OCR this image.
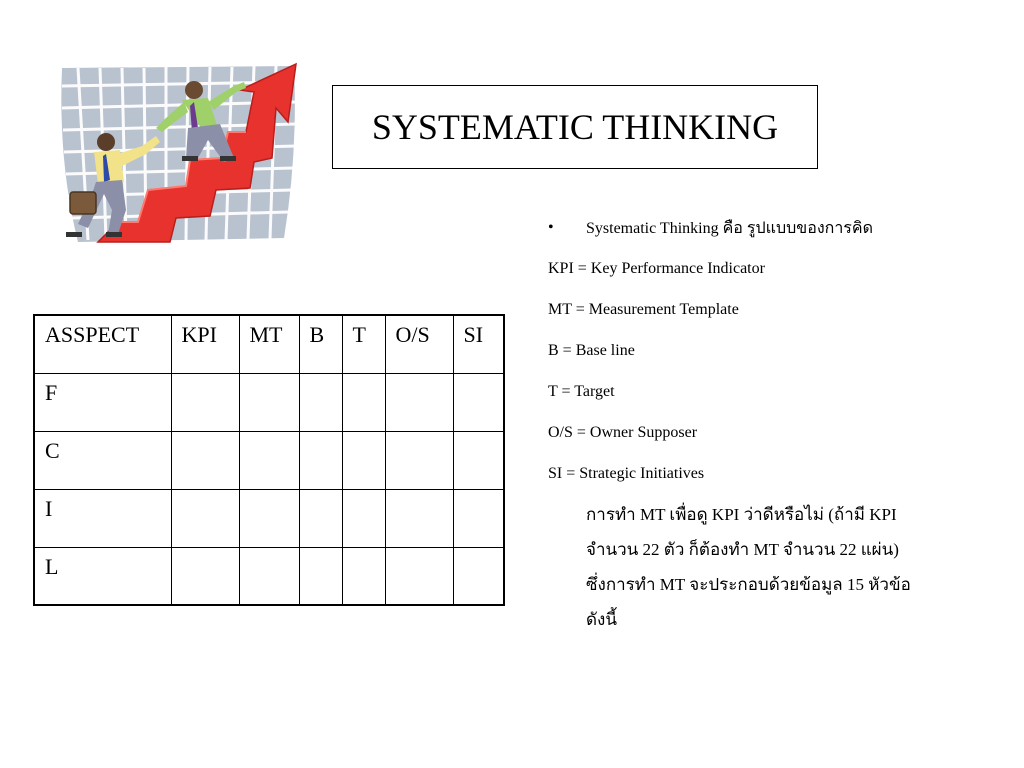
SYSTEMATIC THINKING
ASSPECT	KPI	MT	B	T	O/S	SI
F						
C						
I						
L						
•	Systematic Thinking คือ รูปแบบของการคิด
KPI = Key Performance Indicator
MT = Measurement Template
B = Base line
T = Target
O/S = Owner Supposer
SI = Strategic Initiatives
การทำ MT เพื่อดู KPI ว่าดีหรือไม่ (ถ้ามี KPI
จำนวน 22 ตัว ก็ต้องทำ MT จำนวน 22 แผ่น)
ซึ่งการทำ MT จะประกอบด้วยข้อมูล 15 หัวข้อ
ดังนี้
